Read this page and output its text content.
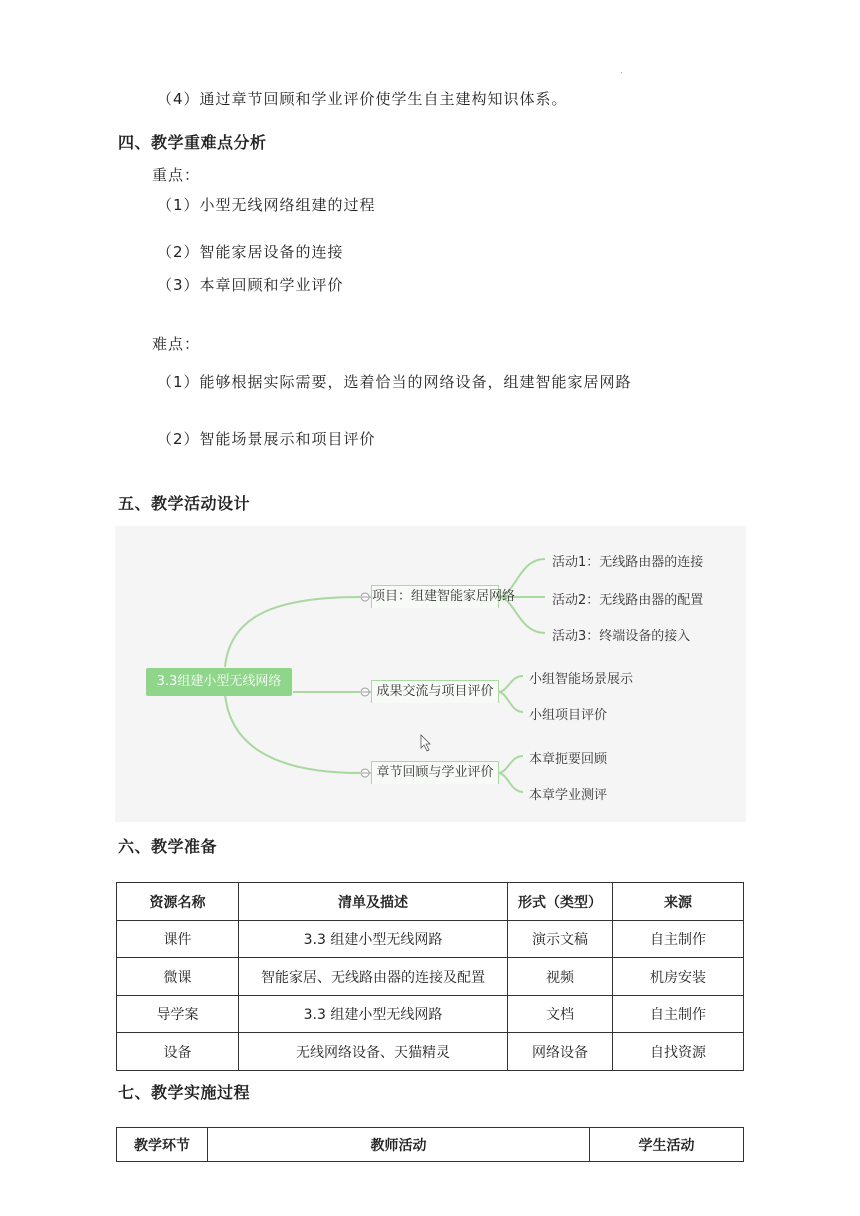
.
（4）通过章节回顾和学业评价使学生自主建构知识体系。
四、教学重难点分析
重点：
（1）小型无线网络组建的过程
（2）智能家居设备的连接
（3）本章回顾和学业评价
难点：
（1）能够根据实际需要，选着恰当的网络设备，组建智能家居网路
（2）智能场景展示和项目评价
五、教学活动设计
3.3组建小型无线网络
项目：组建智能家居网络
成果交流与项目评价
章节回顾与学业评价
活动1：无线路由器的连接
活动2：无线路由器的配置
活动3：终端设备的接入
小组智能场景展示
小组项目评价
本章扼要回顾
本章学业测评
六、教学准备
资源名称	清单及描述	形式（类型）	来源
课件	3.3 组建小型无线网路	演示文稿	自主制作
微课	智能家居、无线路由器的连接及配置	视频	机房安装
导学案	3.3 组建小型无线网路	文档	自主制作
设备	无线网络设备、天猫精灵	网络设备	自找资源
七、教学实施过程
教学环节	教师活动	学生活动
